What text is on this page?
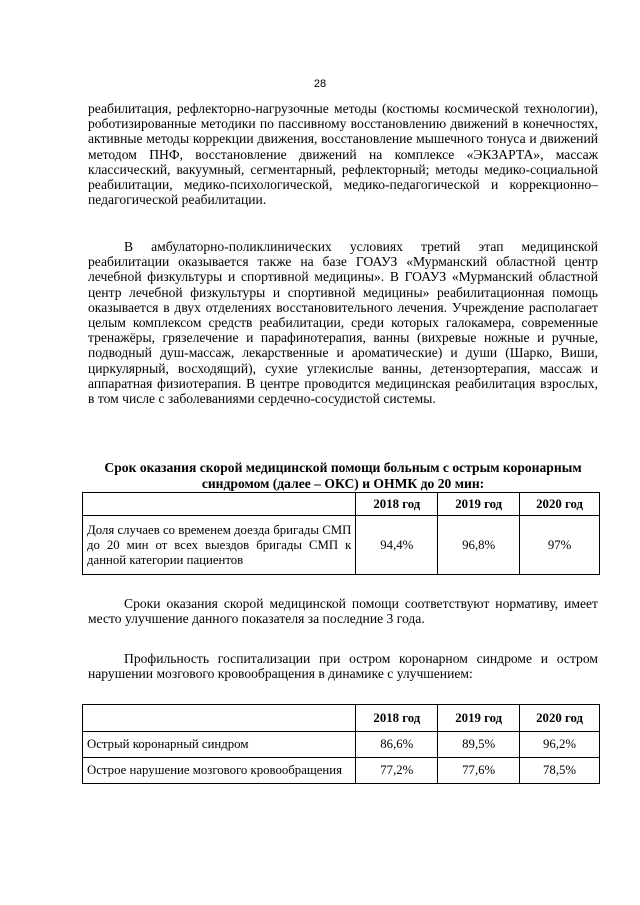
28

реабилитация, рефлекторно-нагрузочные методы (костюмы космической технологии), роботизированные методики по пассивному восстановлению движений в конечностях, активные методы коррекции движения, восстановление мышечного тонуса и движений методом ПНФ, восстановление движений на комплексе «ЭКЗАРТА», массаж классический, вакуумный, сегментарный, рефлекторный; методы медико-социальной реабилитации, медико-психологической, медико-педагогической и коррекционно–педагогической реабилитации.

В амбулаторно-поликлинических условиях третий этап медицинской реабилитации оказывается также на базе ГОАУЗ «Мурманский областной центр лечебной физкультуры и спортивной медицины». В ГОАУЗ «Мурманский областной центр лечебной физкультуры и спортивной медицины» реабилитационная помощь оказывается в двух отделениях восстановительного лечения. Учреждение располагает целым комплексом средств реабилитации, среди которых галокамера, современные тренажёры, грязелечение и парафинотерапия, ванны (вихревые ножные и ручные, подводный душ-массаж, лекарственные и ароматические) и души (Шарко, Виши, циркулярный, восходящий), сухие углекислые ванны, детензортерапия, массаж и аппаратная физиотерапия. В центре проводится медицинская реабилитация взрослых, в том числе с заболеваниями сердечно-сосудистой системы.

Срок оказания скорой медицинской помощи больным с острым коронарным синдромом (далее – ОКС) и ОНМК до 20 мин:

	2018 год	2019 год	2020 год
Доля случаев со временем доезда бригады СМП до 20 мин от всех выездов бригады СМП к данной категории пациентов	94,4%	96,8%	97%

Сроки оказания скорой медицинской помощи соответствуют нормативу, имеет место улучшение данного показателя за последние 3 года.

Профильность госпитализации при остром коронарном синдроме и остром нарушении мозгового кровообращения в динамике с улучшением:

	2018 год	2019 год	2020 год
Острый коронарный синдром	86,6%	89,5%	96,2%
Острое нарушение мозгового кровообращения	77,2%	77,6%	78,5%
